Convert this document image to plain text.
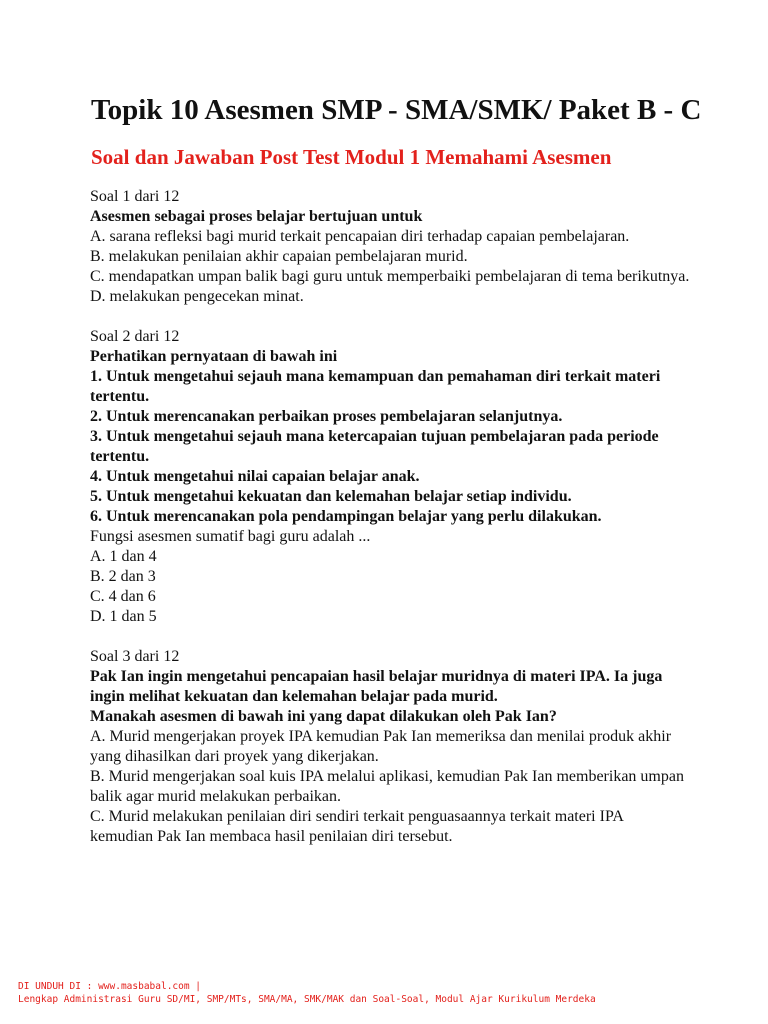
Topik 10 Asesmen SMP - SMA/SMK/ Paket B - C
Soal dan Jawaban Post Test Modul 1 Memahami Asesmen

Soal 1 dari 12

Asesmen sebagai proses belajar bertujuan untuk

A. sarana refleksi bagi murid terkait pencapaian diri terhadap capaian pembelajaran.

B. melakukan penilaian akhir capaian pembelajaran murid.

C. mendapatkan umpan balik bagi guru untuk memperbaiki pembelajaran di tema berikutnya.

D. melakukan pengecekan minat.

Soal 2 dari 12

Perhatikan pernyataan di bawah ini

1. Untuk mengetahui sejauh mana kemampuan dan pemahaman diri terkait materi tertentu.

2. Untuk merencanakan perbaikan proses pembelajaran selanjutnya.

3. Untuk mengetahui sejauh mana ketercapaian tujuan pembelajaran pada periode tertentu.

4. Untuk mengetahui nilai capaian belajar anak.

5. Untuk mengetahui kekuatan dan kelemahan belajar setiap individu.

6. Untuk merencanakan pola pendampingan belajar yang perlu dilakukan.

Fungsi asesmen sumatif bagi guru adalah ...

A. 1 dan 4

B. 2 dan 3

C. 4 dan 6

D. 1 dan 5

Soal 3 dari 12

Pak Ian ingin mengetahui pencapaian hasil belajar muridnya di materi IPA. Ia juga ingin melihat kekuatan dan kelemahan belajar pada murid.

Manakah asesmen di bawah ini yang dapat dilakukan oleh Pak Ian?

A. Murid mengerjakan proyek IPA kemudian Pak Ian memeriksa dan menilai produk akhir yang dihasilkan dari proyek yang dikerjakan.

B. Murid mengerjakan soal kuis IPA melalui aplikasi, kemudian Pak Ian memberikan umpan balik agar murid melakukan perbaikan.

C. Murid melakukan penilaian diri sendiri terkait penguasaannya terkait materi IPA kemudian Pak Ian membaca hasil penilaian diri tersebut.

DI UNDUH DI : www.masbabal.com |

Lengkap Administrasi Guru SD/MI, SMP/MTs, SMA/MA, SMK/MAK dan Soal-Soal, Modul Ajar Kurikulum Merdeka
